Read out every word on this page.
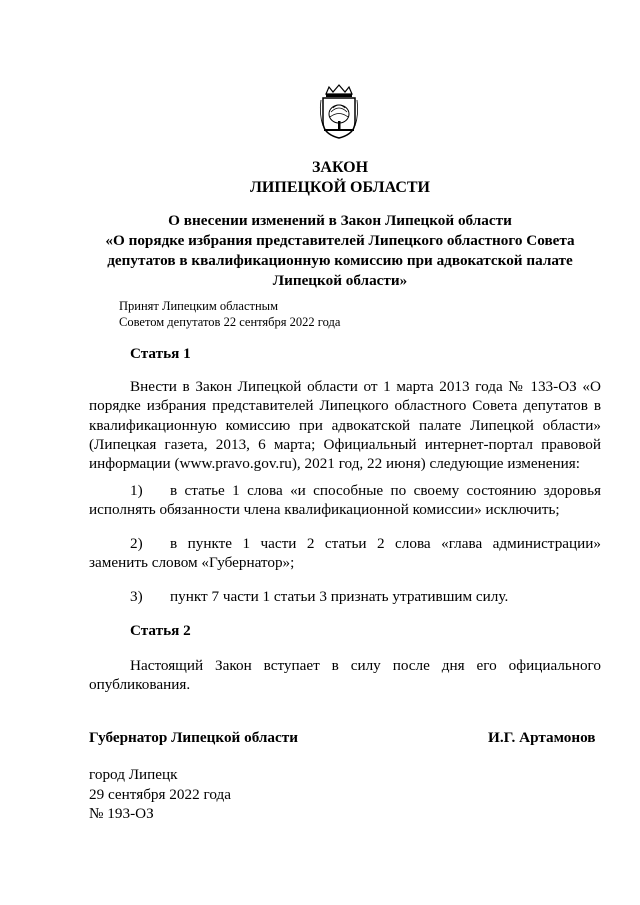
ЗАКОН
ЛИПЕЦКОЙ ОБЛАСТИ
О внесении изменений в Закон Липецкой области
«О порядке избрания представителей Липецкого областного Совета
депутатов в квалификационную комиссию при адвокатской палате
Липецкой области»
Принят Липецким областным
Советом депутатов 22 сентября 2022 года
Статья 1
Внести в Закон Липецкой области от 1 марта 2013 года № 133-ОЗ «О порядке избрания представителей Липецкого областного Совета депутатов в квалификационную комиссию при адвокатской палате Липецкой области» (Липецкая газета, 2013, 6 марта; Официальный интернет-портал правовой информации (www.pravo.gov.ru), 2021 год, 22 июня) следующие изменения:
1) в статье 1 слова «и способные по своему состоянию здоровья исполнять обязанности члена квалификационной комиссии» исключить;
2) в пункте 1 части 2 статьи 2 слова «глава администрации» заменить словом «Губернатор»;
3) пункт 7 части 1 статьи 3 признать утратившим силу.
Статья 2
Настоящий Закон вступает в силу после дня его официального опубликования.
Губернатор Липецкой области	И.Г. Артамонов
город Липецк
29 сентября 2022 года
№ 193-ОЗ
